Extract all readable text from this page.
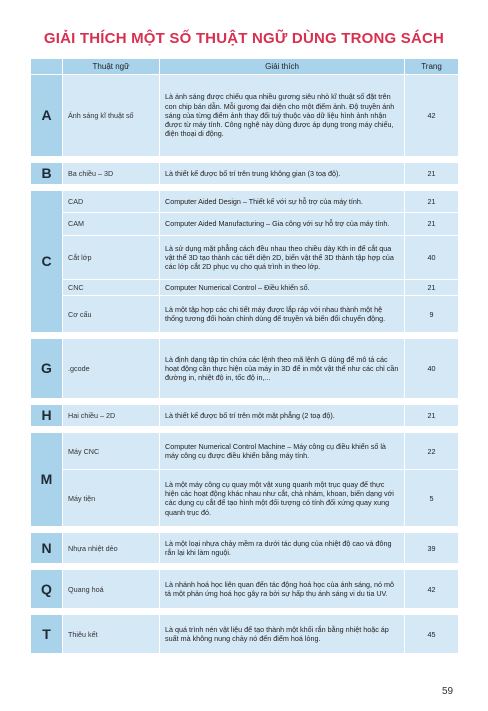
GIẢI THÍCH MỘT SỐ THUẬT NGỮ DÙNG TRONG SÁCH
	Thuật ngữ	Giải thích	Trang
A	Ánh sáng kĩ thuật số	Là ánh sáng được chiếu qua nhiều gương siêu nhỏ kĩ thuật số đặt trên con chip bán dẫn. Mỗi gương đại diện cho một điểm ảnh. Độ truyền ánh sáng của từng điểm ảnh thay đổi tuỳ thuộc vào dữ liệu hình ảnh nhận được từ máy tính. Công nghệ này dùng được áp dụng trong máy chiếu, điện thoại di động.	42

B	Ba chiều – 3D	Là thiết kế được bố trí trên trung không gian (3 toạ độ).	21

C	CAD	Computer Aided Design – Thiết kế với sự hỗ trợ của máy tính.	21
	CAM	Computer Aided Manufacturing – Gia công với sự hỗ trợ của máy tính.	21
	Cắt lớp	Là sử dụng mặt phẳng cách đều nhau theo chiều dày Kth in để cắt qua vật thể 3D tạo thành các tiết diện 2D, biến vật thể 3D thành tập hợp của các lớp cắt 2D phục vụ cho quá trình in theo lớp.	40
	CNC	Computer Numerical Control – Điều khiển số.	21
	Cơ cấu	Là một tập hợp các chi tiết máy được lắp ráp với nhau thành một hệ thống tương đối hoàn chỉnh dùng để truyền và biến đổi chuyển động.	9

G	.gcode	Là định dạng tập tin chứa các lệnh theo mã lệnh G dùng để mô tả các hoạt động cần thực hiện của máy in 3D để in một vật thể như các chỉ cần đường in, nhiệt độ in, tốc độ in,...	40

H	Hai chiều – 2D	Là thiết kế được bố trí trên một mặt phẳng (2 toạ độ).	21

M	Máy CNC	Computer Numerical Control Machine – Máy công cụ điều khiển số là máy công cụ được điều khiển bằng máy tính.	22
	Máy tiện	Là một máy công cụ quay một vật xung quanh một trục quay để thực hiện các hoạt động khác nhau như cắt, chà nhám, khoan, biến dạng với các dụng cụ cắt để tạo hình một đối tượng có tính đối xứng quay xung quanh trục đó.	5

N	Nhựa nhiệt dẻo	Là một loại nhựa chảy mềm ra dưới tác dụng của nhiệt độ cao và đông rắn lại khi làm nguội.	39

Q	Quang hoá	Là nhánh hoá học liên quan đến tác động hoá học của ánh sáng, nó mô tả một phản ứng hoá học gây ra bởi sự hấp thụ ánh sáng vi du tia UV.	42

T	Thiêu kết	Là quá trình nén vật liệu để tạo thành một khối rắn bằng nhiệt hoặc áp suất mà không nung chảy nó đến điểm hoá lỏng.	45
59
